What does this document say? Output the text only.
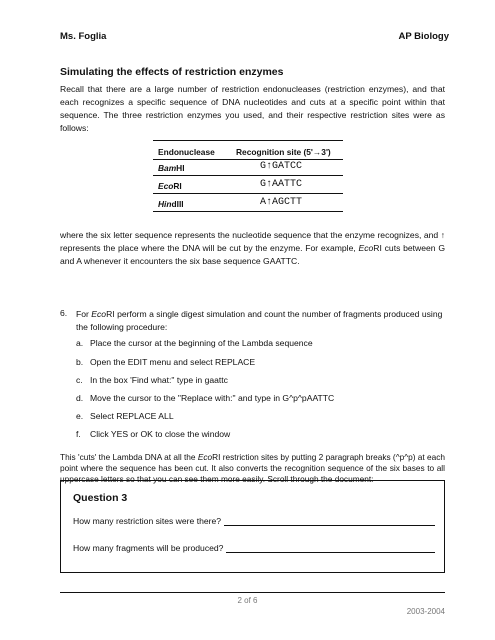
Ms. Foglia	AP Biology
Simulating the effects of restriction enzymes

Recall that there are a large number of restriction endonucleases (restriction enzymes), and that each recognizes a specific sequence of DNA nucleotides and cuts at a specific point within that sequence. The three restriction enzymes you used, and their respective restriction sites were as follows:

Endonuclease	Recognition site (5'→3')
BamHI	G↑GATCC
EcoRI	G↑AATTC
HindIII	A↑AGCTT

where the six letter sequence represents the nucleotide sequence that the enzyme recognizes, and ↑ represents the place where the DNA will be cut by the enzyme. For example, EcoRI cuts between G and A whenever it encounters the six base sequence GAATTC.

6. For EcoRI perform a single digest simulation and count the number of fragments produced using the following procedure:

a. Place the cursor at the beginning of the Lambda sequence
b. Open the EDIT menu and select REPLACE
c. In the box 'Find what:" type in gaattc
d. Move the cursor to the "Replace with:" and type in G^p^pAATTC
e. Select REPLACE ALL
f. Click YES or OK to close the window

This 'cuts' the Lambda DNA at all the EcoRI restriction sites by putting 2 paragraph breaks (^p^p) at each point where the sequence has been cut. It also converts the recognition sequence of the six bases to all uppercase letters so that you can see them more easily. Scroll through the document:

Question 3
How many restriction sites were there?
How many fragments will be produced?
2 of 6
2003-2004
